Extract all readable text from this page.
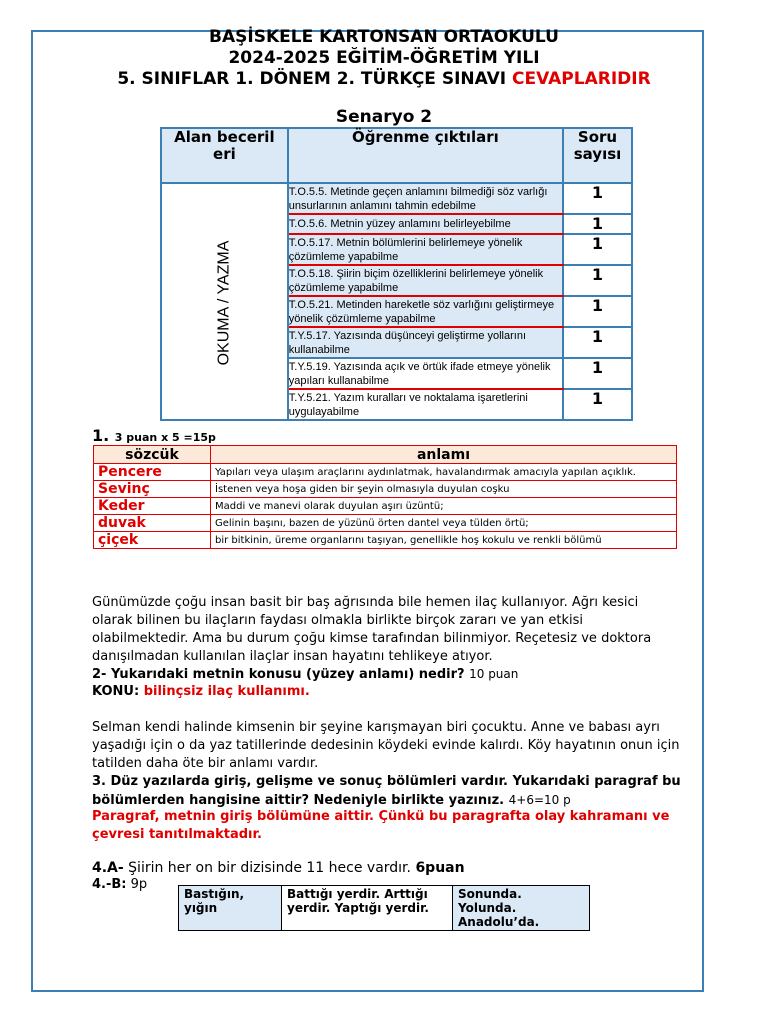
BAŞİSKELE KARTONSAN ORTAOKULU
2024-2025 EĞİTİM-ÖĞRETİM YILI
5. SINIFLAR 1. DÖNEM 2. TÜRKÇE SINAVI CEVAPLARIDIR
Senaryo 2
Alan beceril eri	Öğrenme çıktıları	Soru sayısı
OKUMA / YAZMA	T.O.5.5. Metinde geçen anlamını bilmediği söz varlığı unsurlarının anlamını tahmin edebilme	1
	T.O.5.6. Metnin yüzey anlamını belirleyebilme	1
	T.O.5.17. Metnin bölümlerini belirlemeye yönelik çözümleme yapabilme	1
	T.O.5.18. Şiirin biçim özelliklerini belirlemeye yönelik çözümleme yapabilme	1
	T.O.5.21. Metinden hareketle söz varlığını geliştirmeye yönelik çözümleme yapabilme	1
	T.Y.5.17. Yazısında düşünceyi geliştirme yollarını kullanabilme	1
	T.Y.5.19. Yazısında açık ve örtük ifade etmeye yönelik yapıları kullanabilme	1
	T.Y.5.21. Yazım kuralları ve noktalama işaretlerini uygulayabilme	1
1. 3 puan x 5 =15p
sözcük	anlamı
Pencere	Yapıları veya ulaşım araçlarını aydınlatmak, havalandırmak amacıyla yapılan açıklık.
Sevinç	İstenen veya hoşa giden bir şeyin olmasıyla duyulan coşku
Keder	Maddi ve manevi olarak duyulan aşırı üzüntü;
duvak	Gelinin başını, bazen de yüzünü örten dantel veya tülden örtü;
çiçek	bir bitkinin, üreme organlarını taşıyan, genellikle hoş kokulu ve renkli bölümü
Günümüzde çoğu insan basit bir baş ağrısında bile hemen ilaç kullanıyor. Ağrı kesici olarak bilinen bu ilaçların faydası olmakla birlikte birçok zararı ve yan etkisi olabilmektedir. Ama bu durum çoğu kimse tarafından bilinmiyor. Reçetesiz ve doktora danışılmadan kullanılan ilaçlar insan hayatını tehlikeye atıyor.
2- Yukarıdaki metnin konusu (yüzey anlamı) nedir? 10 puan
KONU: bilinçsiz ilaç kullanımı.
Selman kendi halinde kimsenin bir şeyine karışmayan biri çocuktu. Anne ve babası ayrı yaşadığı için o da yaz tatillerinde dedesinin köydeki evinde kalırdı. Köy hayatının onun için tatilden daha öte bir anlamı vardır.
3. Düz yazılarda giriş, gelişme ve sonuç bölümleri vardır. Yukarıdaki paragraf bu bölümlerden hangisine aittir? Nedeniyle birlikte yazınız. 4+6=10 p
Paragraf, metnin giriş bölümüne aittir. Çünkü bu paragrafta olay kahramanı ve çevresi tanıtılmaktadır.
4.A- Şiirin her on bir dizisinde 11 hece vardır. 6puan
4.-B: 9p
Bastığın, yığın	Battığı yerdir. Arttığı yerdir. Yaptığı yerdir.	Sonunda. Yolunda. Anadolu’da.
